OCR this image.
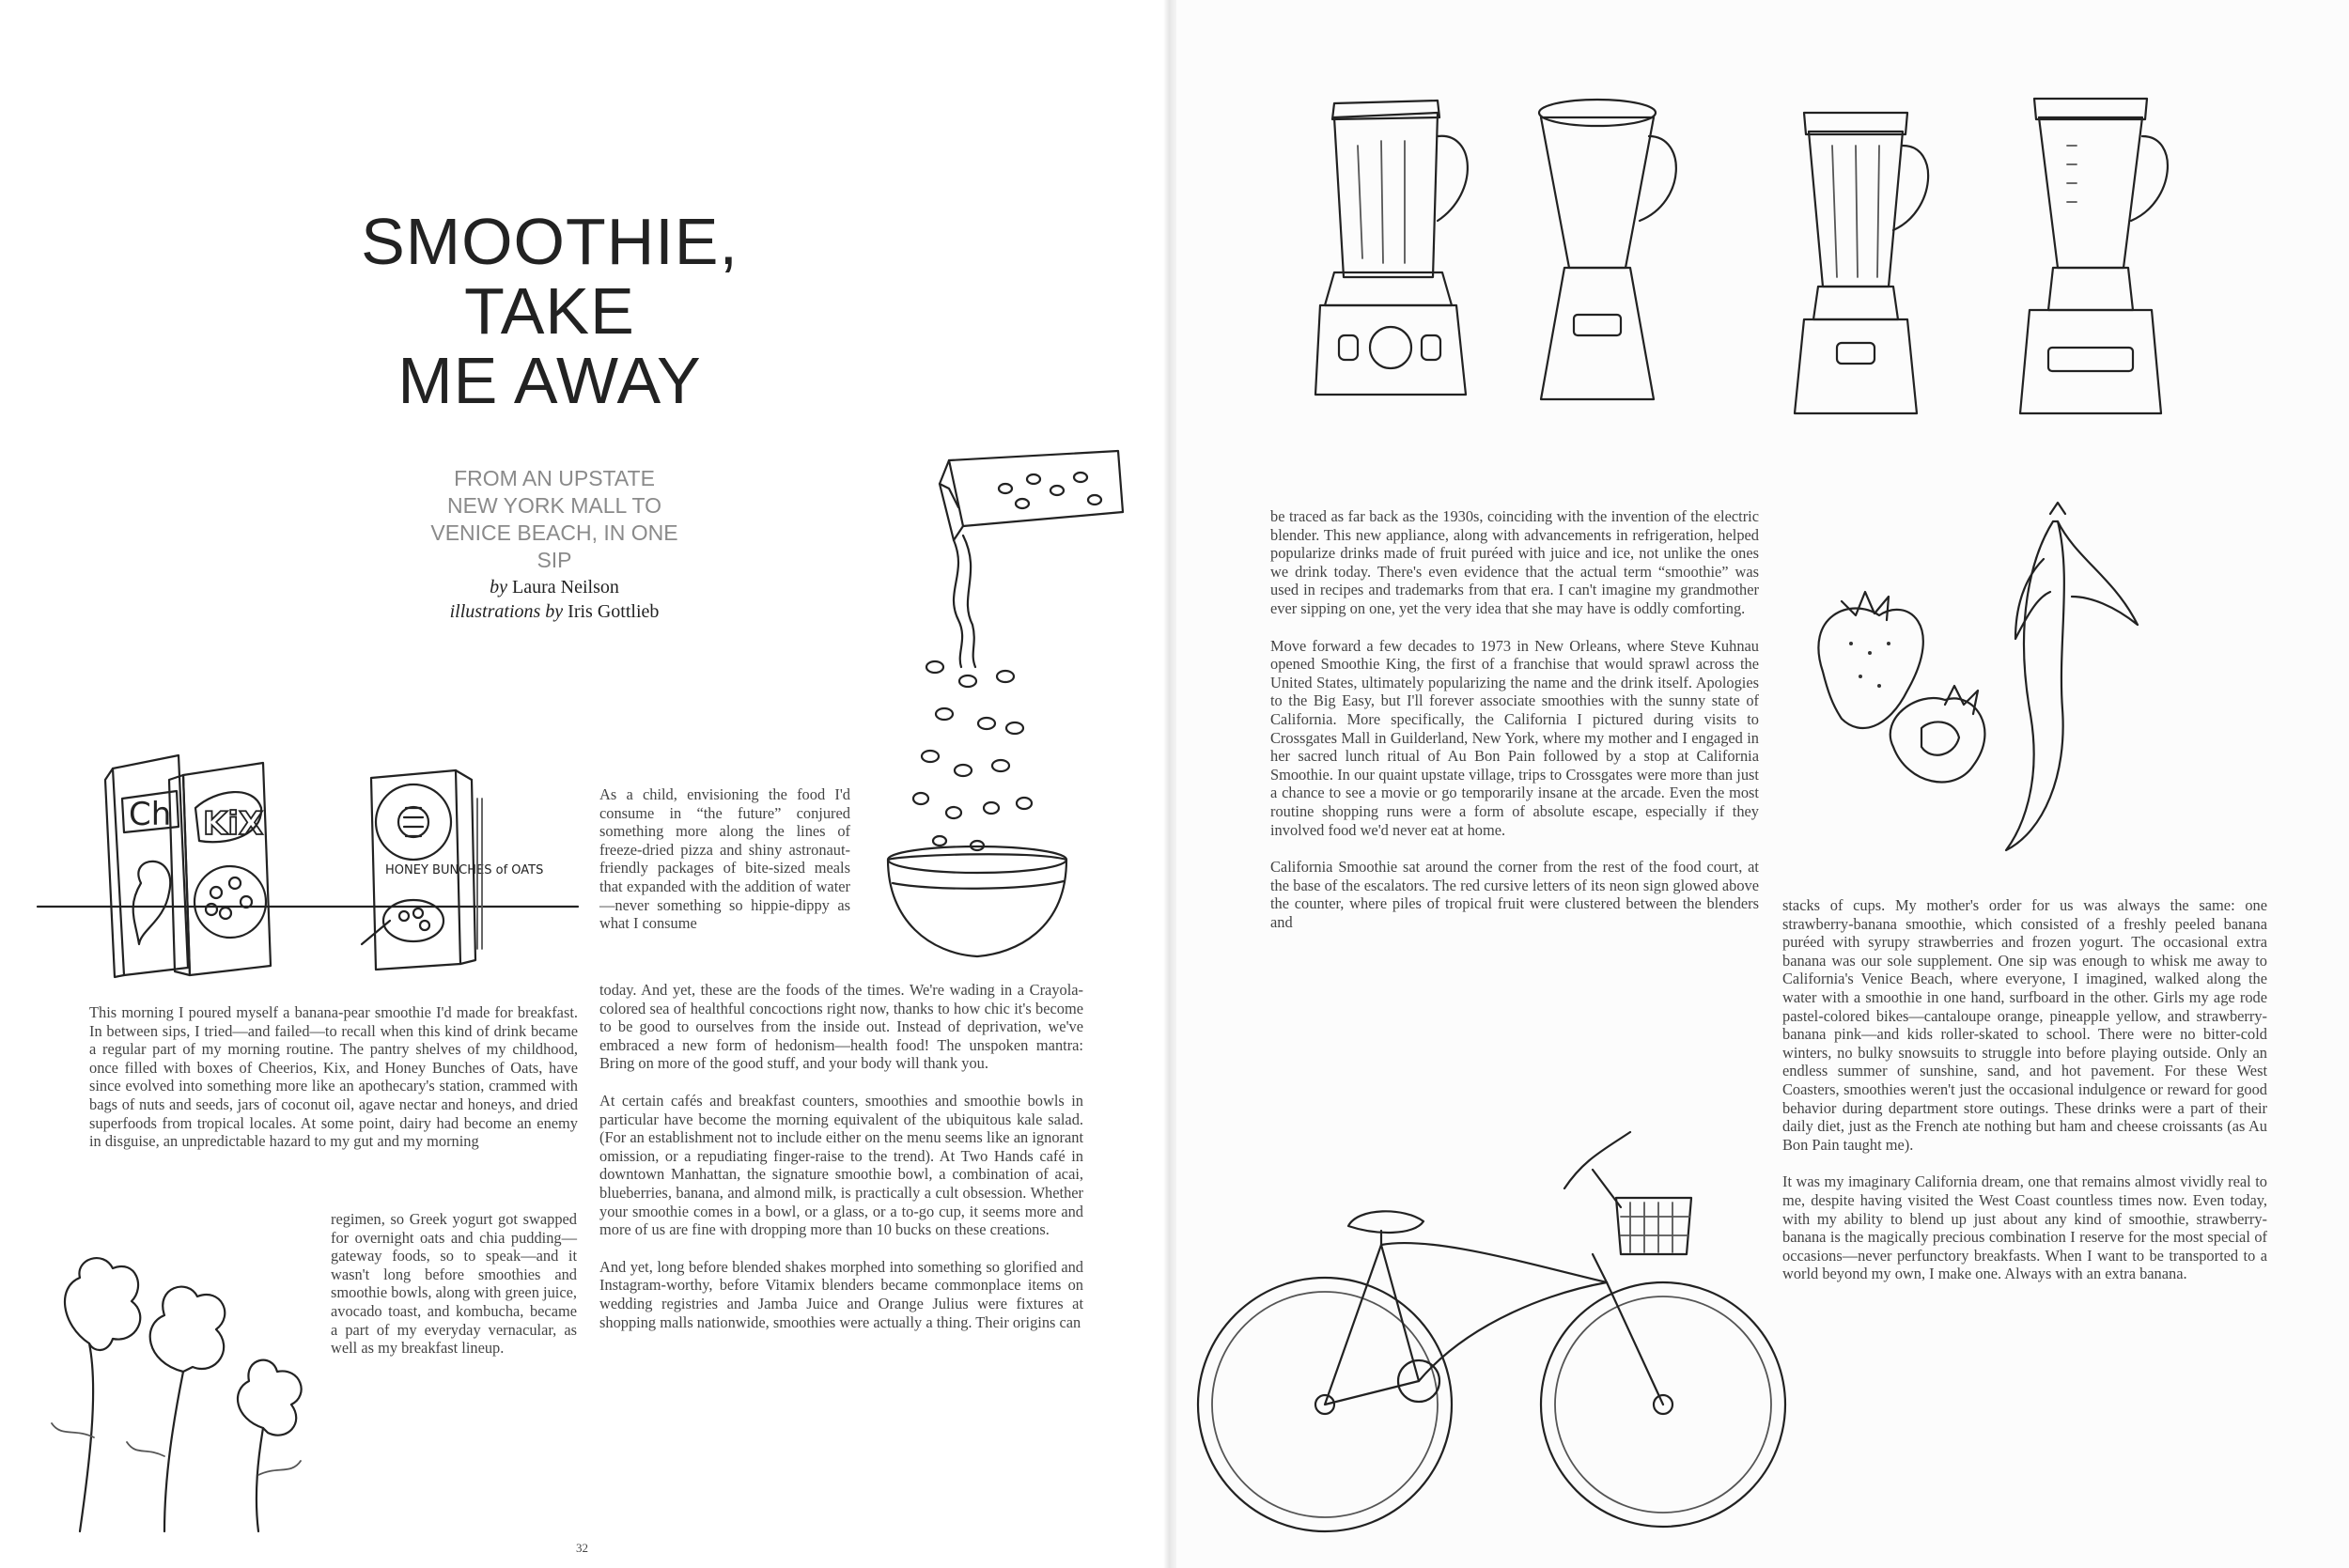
SMOOTHIE,
TAKE
ME AWAY
FROM AN UPSTATE
NEW YORK MALL TO
VENICE BEACH, IN ONE SIP
by Laura Neilson
illustrations by Iris Gottlieb
Ch KiX
HONEY BUNCHES of OATS

This morning I poured myself a banana-pear smoothie I'd made for breakfast. In between sips, I tried—and failed—to recall when this kind of drink became a regular part of my morning routine. The pantry shelves of my childhood, once filled with boxes of Cheerios, Kix, and Honey Bunches of Oats, have since evolved into something more like an apothecary's station, crammed with bags of nuts and seeds, jars of coconut oil, agave nectar and honeys, and dried superfoods from tropical locales. At some point, dairy had become an enemy in disguise, an unpredictable hazard to my gut and my morning

regimen, so Greek yogurt got swapped for overnight oats and chia pudding—gateway foods, so to speak—and it wasn't long before smoothies and smoothie bowls, along with green juice, avocado toast, and kombucha, became a part of my everyday vernacular, as well as my breakfast lineup.

As a child, envisioning the food I'd consume in “the future” conjured something more along the lines of freeze-dried pizza and shiny astronaut-friendly packages of bite-sized meals that expanded with the addition of water—never something so hippie-dippy as what I consume

today. And yet, these are the foods of the times. We're wading in a Crayola-colored sea of healthful concoctions right now, thanks to how chic it's become to be good to ourselves from the inside out. Instead of deprivation, we've embraced a new form of hedonism—health food! The unspoken mantra: Bring on more of the good stuff, and your body will thank you.

At certain cafés and breakfast counters, smoothies and smoothie bowls in particular have become the morning equivalent of the ubiquitous kale salad. (For an establishment not to include either on the menu seems like an ignorant omission, or a repudiating finger-raise to the trend). At Two Hands café in downtown Manhattan, the signature smoothie bowl, a combination of acai, blueberries, banana, and almond milk, is practically a cult obsession. Whether your smoothie comes in a bowl, or a glass, or a to-go cup, it seems more and more of us are fine with dropping more than 10 bucks on these creations.

And yet, long before blended shakes morphed into something so glorified and Instagram-worthy, before Vitamix blenders became commonplace items on wedding registries and Jamba Juice and Orange Julius were fixtures at shopping malls nationwide, smoothies were actually a thing. Their origins can

32

be traced as far back as the 1930s, coinciding with the invention of the electric blender. This new appliance, along with advancements in refrigeration, helped popularize drinks made of fruit puréed with juice and ice, not unlike the ones we drink today. There's even evidence that the actual term “smoothie” was used in recipes and trademarks from that era. I can't imagine my grandmother ever sipping on one, yet the very idea that she may have is oddly comforting.

Move forward a few decades to 1973 in New Orleans, where Steve Kuhnau opened Smoothie King, the first of a franchise that would sprawl across the United States, ultimately popularizing the name and the drink itself. Apologies to the Big Easy, but I'll forever associate smoothies with the sunny state of California. More specifically, the California I pictured during visits to Crossgates Mall in Guilderland, New York, where my mother and I engaged in her sacred lunch ritual of Au Bon Pain followed by a stop at California Smoothie. In our quaint upstate village, trips to Crossgates were more than just a chance to see a movie or go temporarily insane at the arcade. Even the most routine shopping runs were a form of absolute escape, especially if they involved food we'd never eat at home.

California Smoothie sat around the corner from the rest of the food court, at the base of the escalators. The red cursive letters of its neon sign glowed above the counter, where piles of tropical fruit were clustered between the blenders and

stacks of cups. My mother's order for us was always the same: one strawberry-banana smoothie, which consisted of a freshly peeled banana puréed with syrupy strawberries and frozen yogurt. The occasional extra banana was our sole supplement. One sip was enough to whisk me away to California's Venice Beach, where everyone, I imagined, walked along the water with a smoothie in one hand, surfboard in the other. Girls my age rode pastel-colored bikes—cantaloupe orange, pineapple yellow, and strawberry-banana pink—and kids roller-skated to school. There were no bitter-cold winters, no bulky snowsuits to struggle into before playing outside. Only an endless summer of sunshine, sand, and hot pavement. For these West Coasters, smoothies weren't just the occasional indulgence or reward for good behavior during department store outings. These drinks were a part of their daily diet, just as the French ate nothing but ham and cheese croissants (as Au Bon Pain taught me).

It was my imaginary California dream, one that remains almost vividly real to me, despite having visited the West Coast countless times now. Even today, with my ability to blend up just about any kind of smoothie, strawberry-banana is the magically precious combination I reserve for the most special of occasions—never perfunctory breakfasts. When I want to be transported to a world beyond my own, I make one. Always with an extra banana.
